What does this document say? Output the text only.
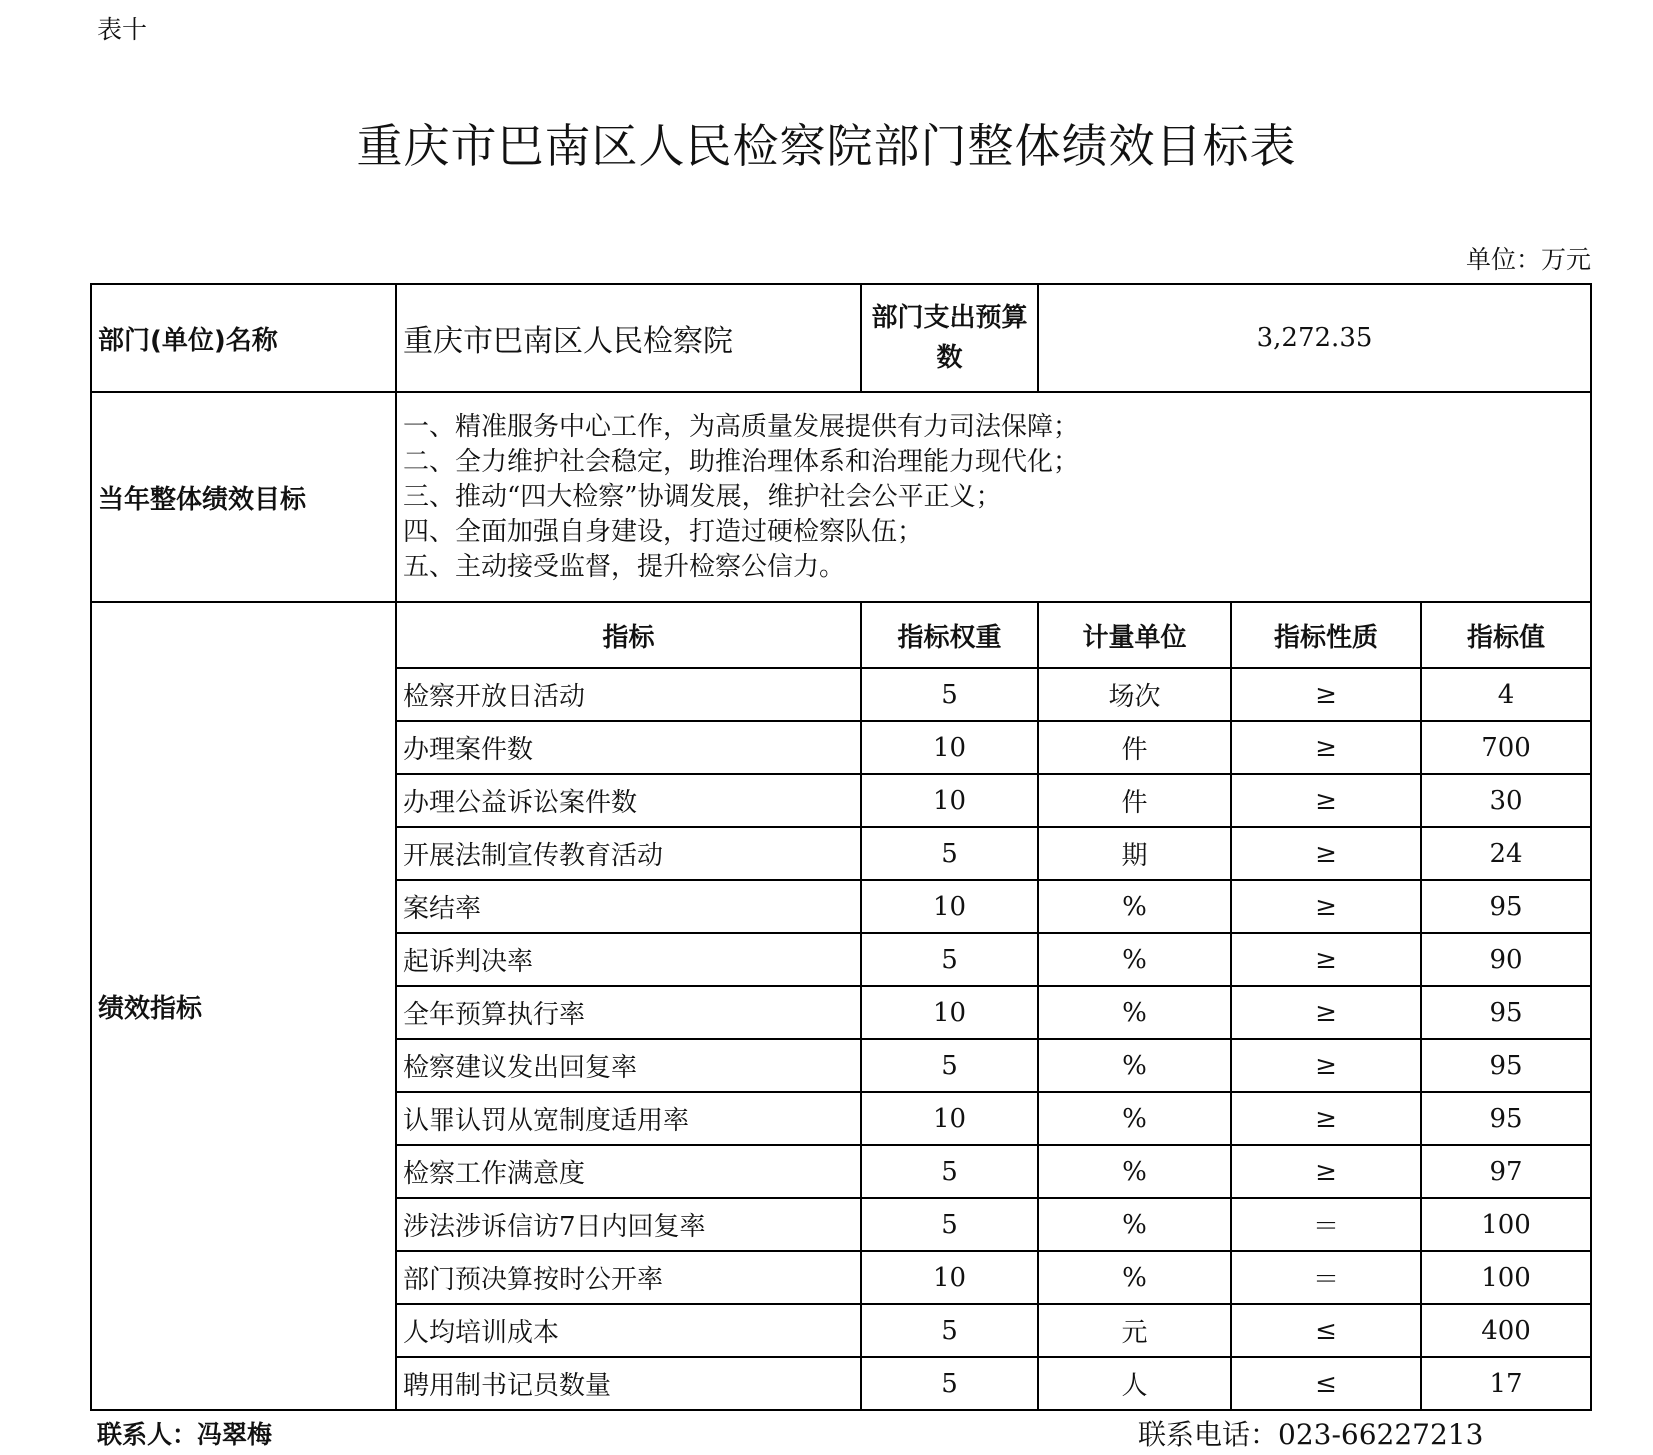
表十
重庆市巴南区人民检察院部门整体绩效目标表
单位：万元
部门(单位)名称	重庆市巴南区人民检察院	部门支出预算数	3,272.35		
当年整体绩效目标	一、精准服务中心工作，为高质量发展提供有力司法保障；
二、全力维护社会稳定，助推治理体系和治理能力现代化；
三、推动“四大检察”协调发展，维护社会公平正义；
四、全面加强自身建设，打造过硬检察队伍；
五、主动接受监督，提升检察公信力。				

绩效指标	指标	指标权重	计量单位	指标性质	指标值
	检察开放日活动	5	场次	≥	4
	办理案件数	10	件	≥	700
	办理公益诉讼案件数	10	件	≥	30
	开展法制宣传教育活动	5	期	≥	24
	案结率	10	%	≥	95
	起诉判决率	5	%	≥	90
	全年预算执行率	10	%	≥	95
	检察建议发出回复率	5	%	≥	95
	认罪认罚从宽制度适用率	10	%	≥	95
	检察工作满意度	5	%	≥	97
	涉法涉诉信访7日内回复率	5	%	＝	100
	部门预决算按时公开率	10	%	＝	100
	人均培训成本	5	元	≤	400
	聘用制书记员数量	5	人	≤	17
联系人：冯翠梅	联系电话：023-66227213
